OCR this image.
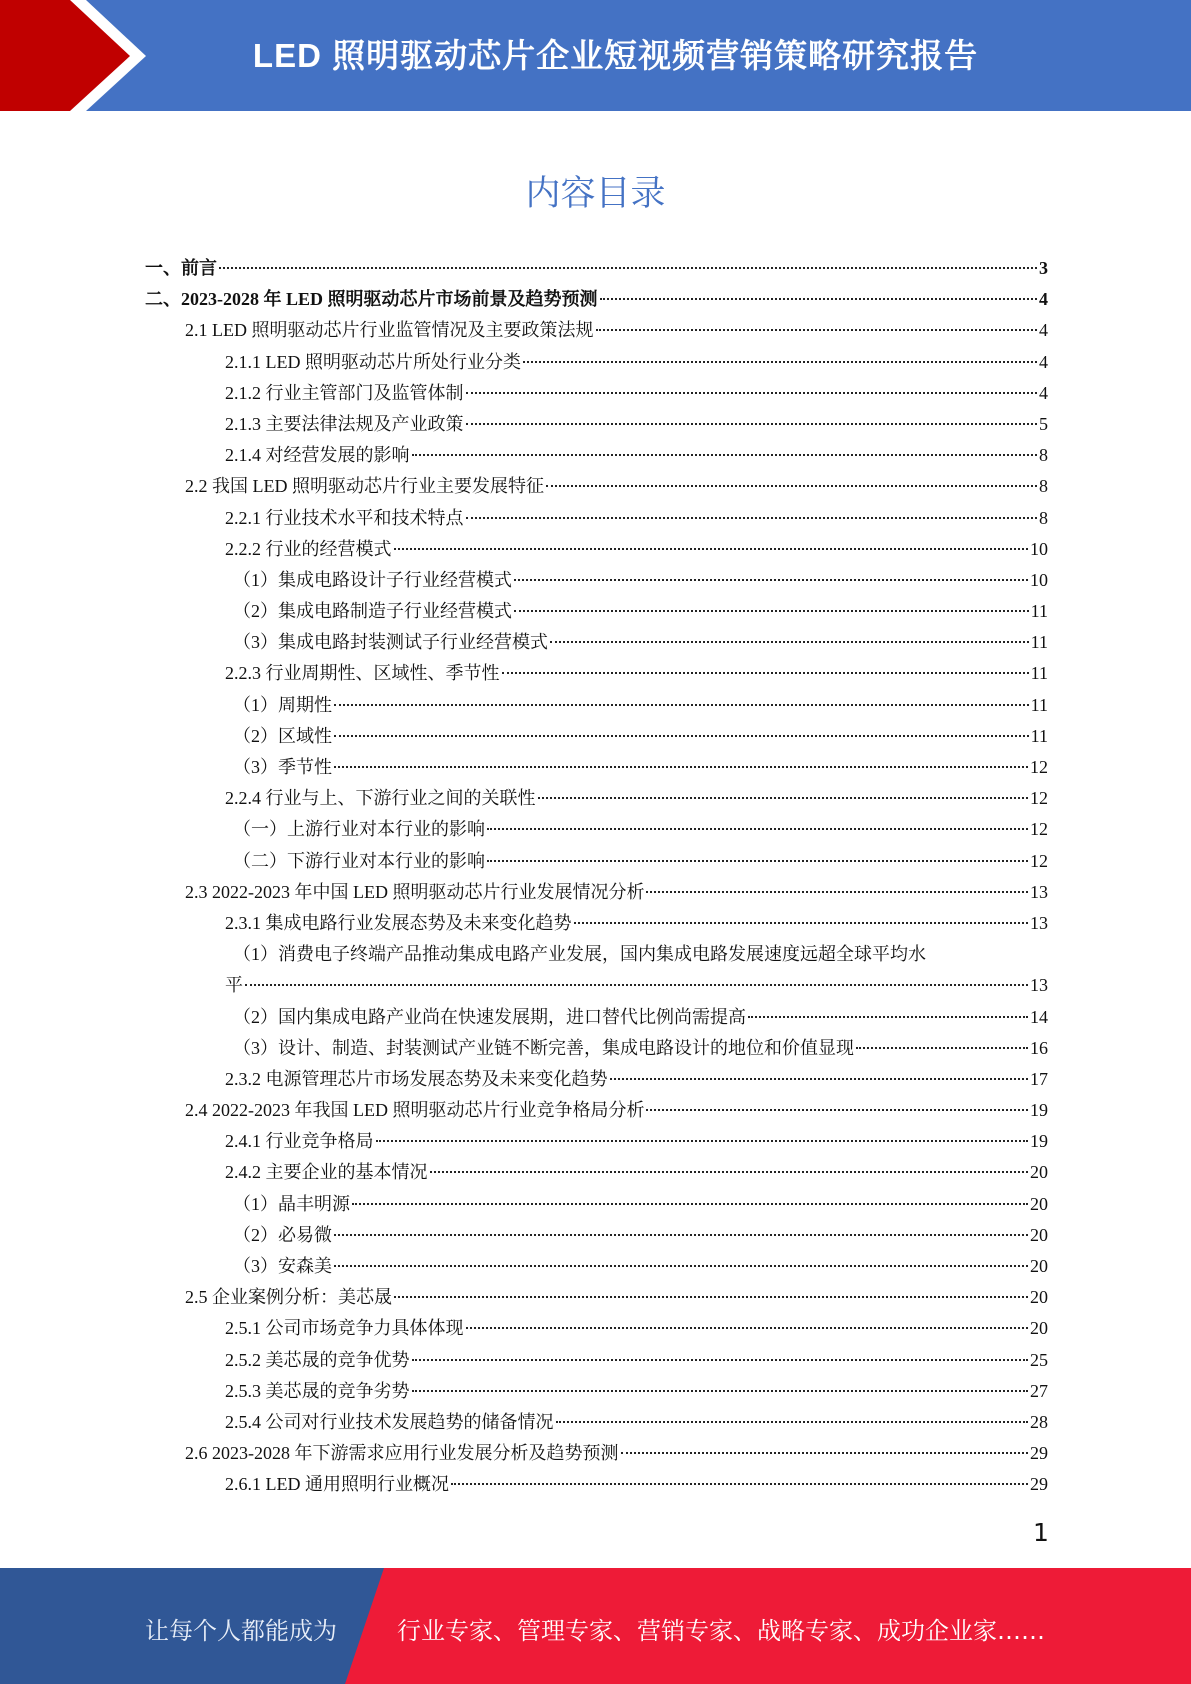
LED 照明驱动芯片企业短视频营销策略研究报告
内容目录
一、前言	3
二、2023-2028 年 LED 照明驱动芯片市场前景及趋势预测	4
2.1 LED 照明驱动芯片行业监管情况及主要政策法规	4
2.1.1 LED 照明驱动芯片所处行业分类	4
2.1.2 行业主管部门及监管体制	4
2.1.3 主要法律法规及产业政策	5
2.1.4 对经营发展的影响	8
2.2 我国 LED 照明驱动芯片行业主要发展特征	8
2.2.1 行业技术水平和技术特点	8
2.2.2 行业的经营模式	10
（1）集成电路设计子行业经营模式	10
（2）集成电路制造子行业经营模式	11
（3）集成电路封装测试子行业经营模式	11
2.2.3 行业周期性、区域性、季节性	11
（1）周期性	11
（2）区域性	11
（3）季节性	12
2.2.4 行业与上、下游行业之间的关联性	12
（一）上游行业对本行业的影响	12
（二）下游行业对本行业的影响	12
2.3 2022-2023 年中国 LED 照明驱动芯片行业发展情况分析	13
2.3.1 集成电路行业发展态势及未来变化趋势	13
（1）消费电子终端产品推动集成电路产业发展，国内集成电路发展速度远超全球平均水
平	13
（2）国内集成电路产业尚在快速发展期，进口替代比例尚需提高	14
（3）设计、制造、封装测试产业链不断完善，集成电路设计的地位和价值显现	16
2.3.2 电源管理芯片市场发展态势及未来变化趋势	17
2.4 2022-2023 年我国 LED 照明驱动芯片行业竞争格局分析	19
2.4.1 行业竞争格局	19
2.4.2 主要企业的基本情况	20
（1）晶丰明源	20
（2）必易微	20
（3）安森美	20
2.5 企业案例分析：美芯晟	20
2.5.1 公司市场竞争力具体体现	20
2.5.2 美芯晟的竞争优势	25
2.5.3 美芯晟的竞争劣势	27
2.5.4 公司对行业技术发展趋势的储备情况	28
2.6 2023-2028 年下游需求应用行业发展分析及趋势预测	29
2.6.1 LED 通用照明行业概况	29
1
让每个人都能成为	行业专家、管理专家、营销专家、战略专家、成功企业家……
